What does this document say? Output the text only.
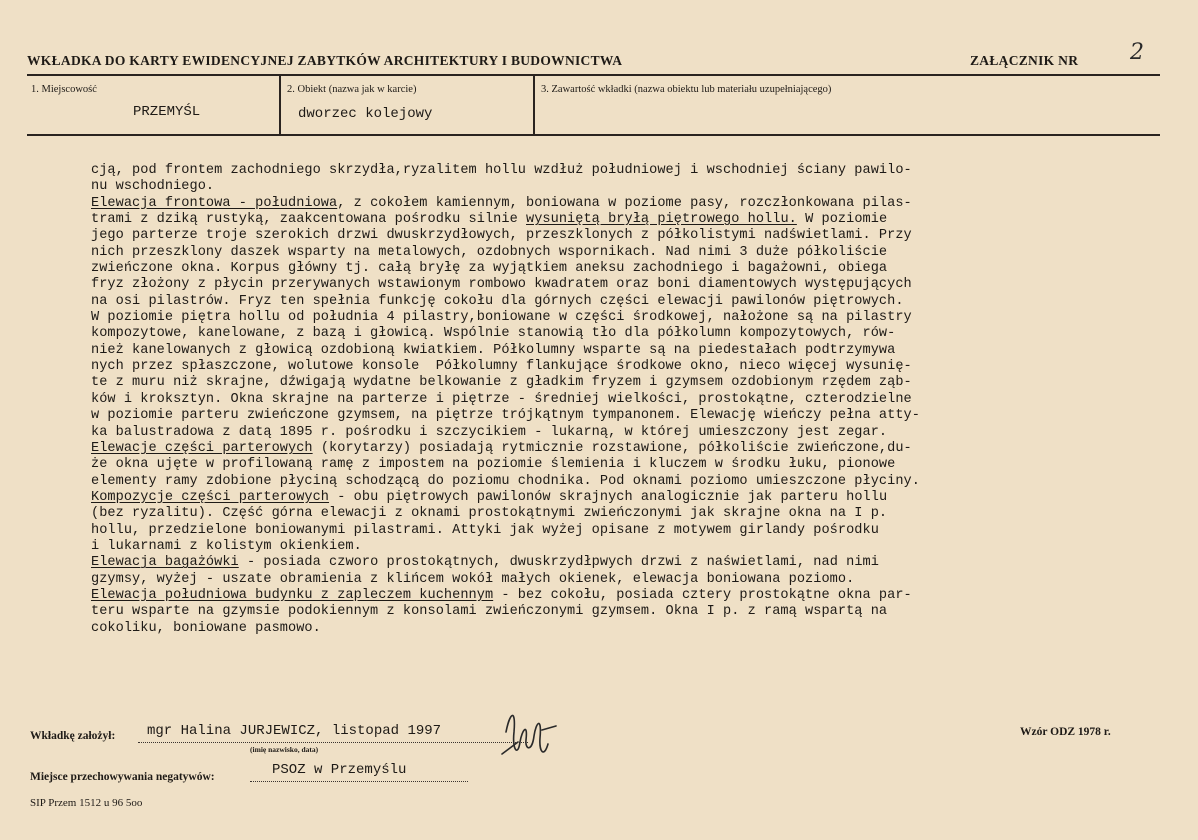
WKŁADKA DO KARTY EWIDENCYJNEJ ZABYTKÓW ARCHITEKTURY I BUDOWNICTWA	ZAŁĄCZNIK NR 2
1. Miejscowość
PRZEMYŚL
2. Obiekt (nazwa jak w karcie)
dworzec kolejowy
3. Zawartość wkładki (nazwa obiektu lub materiału uzupełniającego)
cją, pod frontem zachodniego skrzydła,ryzalitem hollu wzdłuż południowej i wschodniej ściany pawilo-
nu wschodniego.
Elewacja frontowa - południowa, z cokołem kamiennym, boniowana w poziome pasy, rozczłonkowana pilas-
trami z dziką rustyką, zaakcentowana pośrodku silnie wysuniętą bryłą piętrowego hollu. W poziomie
jego parterze troje szerokich drzwi dwuskrzydłowych, przeszklonych z półkolistymi nadświetlami. Przy
nich przeszklony daszek wsparty na metalowych, ozdobnych wspornikach. Nad nimi 3 duże półkoliście
zwieńczone okna. Korpus główny tj. całą bryłę za wyjątkiem aneksu zachodniego i bagażowni, obiega
fryz złożony z płycin przerywanych wstawionym rombowo kwadratem oraz boni diamentowych występujących
na osi pilastrów. Fryz ten spełnia funkcję cokołu dla górnych części elewacji pawilonów piętrowych.
W poziomie piętra hollu od południa 4 pilastry,boniowane w części środkowej, nałożone są na pilastry
kompozytowe, kanelowane, z bazą i głowicą. Wspólnie stanowią tło dla półkolumn kompozytowych, rów-
nież kanelowanych z głowicą ozdobioną kwiatkiem. Półkolumny wsparte są na piedestałach podtrzymywa
nych przez spłaszczone, wolutowe konsole  Półkolumny flankujące środkowe okno, nieco więcej wysunię-
te z muru niż skrajne, dźwigają wydatne belkowanie z gładkim fryzem i gzymsem ozdobionym rzędem ząb-
ków i kroksztyn. Okna skrajne na parterze i piętrze - średniej wielkości, prostokątne, czterodzielne
w poziomie parteru zwieńczone gzymsem, na piętrze trójkątnym tympanonem. Elewację wieńczy pełna atty-
ka balustradowa z datą 1895 r. pośrodku i szczycikiem - lukarną, w której umieszczony jest zegar.
Elewacje części parterowych (korytarzy) posiadają rytmicznie rozstawione, półkoliście zwieńczone,du-
że okna ujęte w profilowaną ramę z impostem na poziomie ślemienia i kluczem w środku łuku, pionowe
elementy ramy zdobione płyciną schodzącą do poziomu chodnika. Pod oknami poziomo umieszczone płyciny.
Kompozycje części parterowych - obu piętrowych pawilonów skrajnych analogicznie jak parteru hollu
(bez ryzalitu). Część górna elewacji z oknami prostokątnymi zwieńczonymi jak skrajne okna na I p.
hollu, przedzielone boniowanymi pilastrami. Attyki jak wyżej opisane z motywem girlandy pośrodku
i lukarnami z kolistym okienkiem.
Elewacja bagażówki - posiada czworo prostokątnych, dwuskrzydłpwych drzwi z naświetlami, nad nimi
gzymsy, wyżej - uszate obramienia z klińcem wokół małych okienek, elewacja boniowana poziomo.
Elewacja południowa budynku z zapleczem kuchennym - bez cokołu, posiada cztery prostokątne okna par-
teru wsparte na gzymsie podokiennym z konsolami zwieńczonymi gzymsem. Okna I p. z ramą wspartą na
cokoliku, boniowane pasmowo.
Wkładkę założył: mgr Halina JURJEWICZ, listopad 1997
(imię nazwisko, data)
Wzór ODZ 1978 r.
Miejsce przechowywania negatywów:	PSOZ w Przemyślu
SIP Przem 1512 u 96 5oo
